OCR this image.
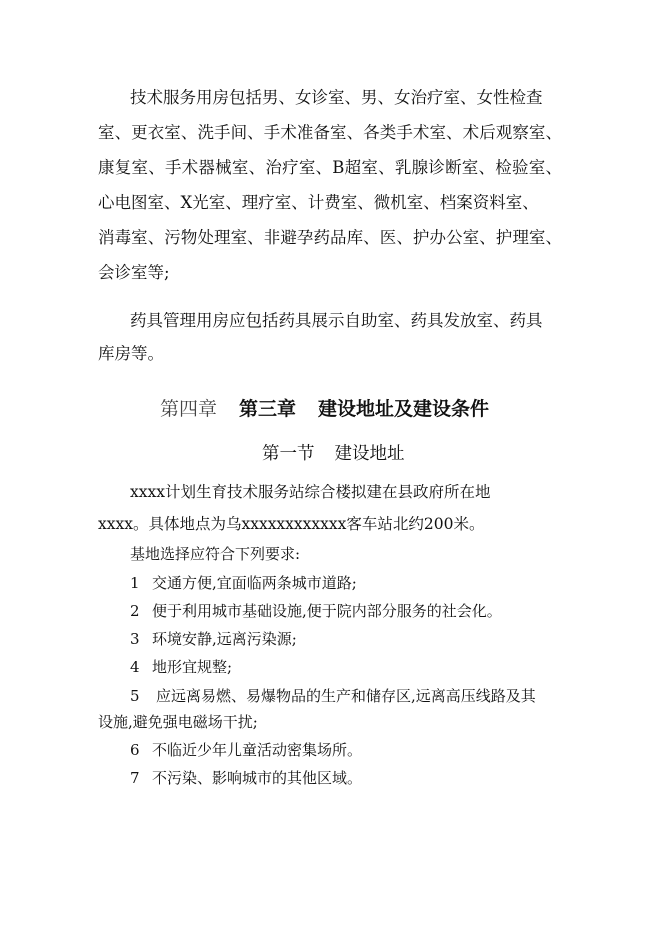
技术服务用房包括男、女诊室、男、女治疗室、女性检查
室、更衣室、洗手间、手术准备室、各类手术室、术后观察室、
康复室、手术器械室、治疗室、B超室、乳腺诊断室、检验室、
心电图室、X光室、理疗室、计费室、微机室、档案资料室、
消毒室、污物处理室、非避孕药品库、医、护办公室、护理室、
会诊室等;
药具管理用房应包括药具展示自助室、药具发放室、药具
库房等。
第四章 第三章 建设地址及建设条件
第一节 建设地址
xxxx计划生育技术服务站综合楼拟建在县政府所在地
xxxx。具体地点为乌xxxxxxxxxxxx客车站北约200米。
基地选择应符合下列要求:
1 交通方便,宜面临两条城市道路;
2 便于利用城市基础设施,便于院内部分服务的社会化。
3 环境安静,远离污染源;
4 地形宜规整;
5 应远离易燃、易爆物品的生产和储存区,远离高压线路及其
设施,避免强电磁场干扰;
6 不临近少年儿童活动密集场所。
7 不污染、影响城市的其他区域。
